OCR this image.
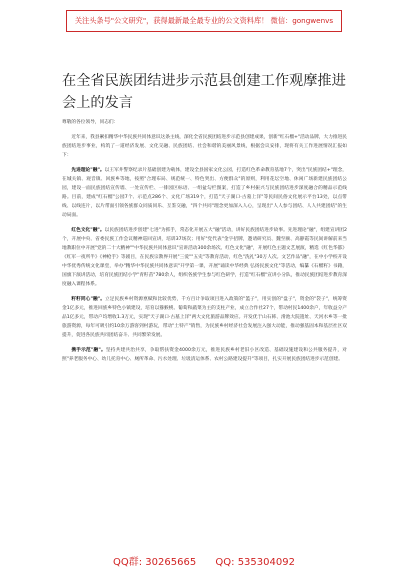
关注头条号"公文研究"，获得最新最全最专业的公文资料库！ 微信：gongwenvs
在全省民族团结进步示范县创建工作观摩推进会上的发言

尊敬的各位领导，同志们：

近年来，我县紧扣精华中华民族共同体意识这条主线，深化全省民族团结进步示范县创建成果，创新"红石榴+"活动品牌，大力推进民族团结进步事业，构筑了一道经济发展、文化交融、民族团结、社会和谐的美丽风景线，根据会议安排，现将有关工作进展情况汇报如下：

先进理论"融"。以王军井警察纪录片基础创建为载体，建设全县国家文化公园，打造红色革命教育基地7个，突出"民族团结+"理念，在城关镇、观音镇、回族乡等地，按照"合理布局、规范统一、特色突出、方便群众"的原则，利用花坛空地、休闲广场新建民族团结公园，建设一面民族团结宣传墙、一处宣传栏、一排园区标语、一组盆勾栏图案，打造了乡村振兴与民族团结进步深度融合的精品示范线路。目前，建成"红石榴"公园7个、示范点286个、文化广场319个，打造"天子湖口·古墓上洋"等民间民俗文化展示平台13处，以点带线、以线连片，以片带面引领各族群众同质同乐、互鉴交融，"四个共同"理念更加深入人心，呈现出"人人参与团结、人人共建团结"的生动局面。

红色文化"融"。以民族团结进步创建"七进"为抓手，常态化开展五大"融"活动，讲好民族团结进步故事。先进理论"融"，组建宣讲团2个，开展中央、省委民族工作会议精神巡回宣讲，培训37场次；用好"党代表"金字招牌，邀请研究员、魏至颐、高静霞等民间讲解前来当地教职位中开展"党的二十大精神""中华民族共同体意识"宣讲活动300余场次。红色文化"融"，开展红色主题文艺展演，精选《红色华都》《红军一夜所半》《神枪手》等剧目，在民族宗教界开展"三爱""五史"等教育活动，红色"洗礼"30万人次。文艺作品"融"，在中小学校开设中华优秀传统文化课堂，举办"精华中华民族共同体意识"开学第一课，开展"诵读中华经典 弘扬民族文化"等活动，编纂《石榴籽》书籍，国旗下演讲活动，培育民族团结小学"青籽苗"780余人，组织各族学生参与红色研学，打造"红石榴"宣讲小分队，推动民族团结进步教育深度融入课程体系。

籽籽同心"融"。立足民族乡村资源禀赋和比较优势，千方百计争取项目进入政策的"篮子"，用实创的"盘子"，资金的"袋子"，统筹资金1亿多元，推进回族乡特色小镇建设，培育以猕猴桃、葡萄和蔬菜为主的支柱产业，成立合作社27个，带动村民1400余户，年收益分产品1亿多元，带动户均增收1.3万元，实现"天子湖口·古墓上洋"两大文化旅游品牌效应。开发优于山石韩、滑池大院遗址、天河水乡等一批旅游资源，每年可吸引约10余万游客到村游玩，带动"土特产"销售，为民族乡村经济社会发展注入强大动能，推动强基固本和基层社区双提升，促进各民族共同团结奋斗、共同繁荣发展。

携手示范"融"。坚持共建共治共享，争取帮扶资金4000余万元，推进民族乡村老旧小区改造、基础设施建设和公共服务提升，对照"养老服务中心、幼儿托育中心、厕所革命、污水处理、垃圾清运体系、农村公路建设提升"等项目，扎实开展民族团结进步示范创建。

QQ群: 30265665 QQ: 535304092
